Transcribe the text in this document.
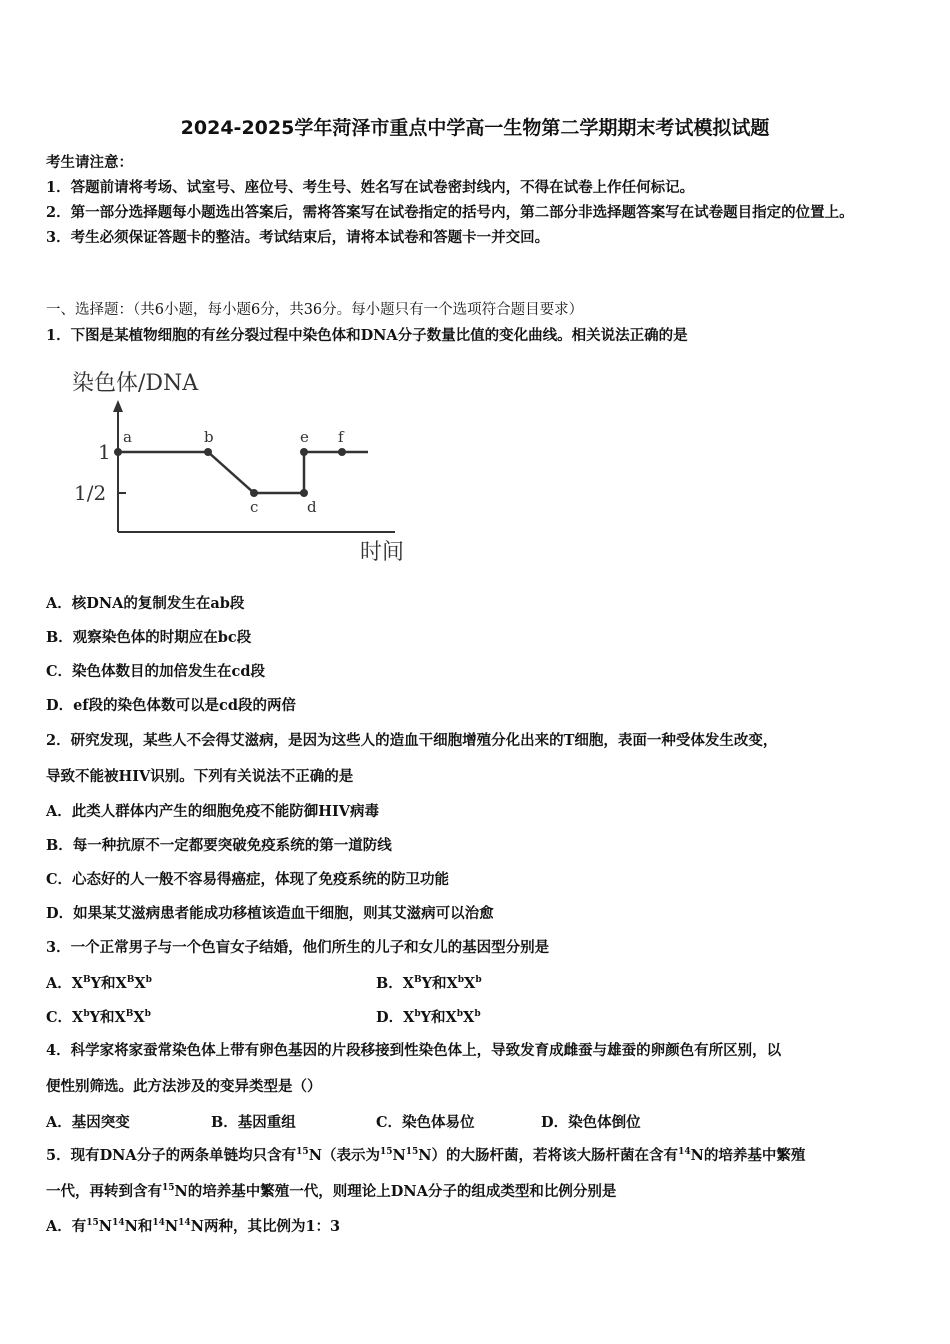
2024-2025学年菏泽市重点中学高一生物第二学期期末考试模拟试题
考生请注意：
1．答题前请将考场、试室号、座位号、考生号、姓名写在试卷密封线内，不得在试卷上作任何标记。
2．第一部分选择题每小题选出答案后，需将答案写在试卷指定的括号内，第二部分非选择题答案写在试卷题目指定的位置上。
3．考生必须保证答题卡的整洁。考试结束后，请将本试卷和答题卡一并交回。
一、选择题：（共6小题，每小题6分，共36分。每小题只有一个选项符合题目要求）
1．下图是某植物细胞的有丝分裂过程中染色体和DNA分子数量比值的变化曲线。相关说法正确的是
染色体/DNA
时间
1
1/2
a	b
c	d
e f
A．核DNA的复制发生在ab段
B．观察染色体的时期应在bc段
C．染色体数目的加倍发生在cd段
D．ef段的染色体数可以是cd段的两倍
2．研究发现，某些人不会得艾滋病，是因为这些人的造血干细胞增殖分化出来的T细胞，表面一种受体发生改变，
导致不能被HIV识别。下列有关说法不正确的是
A．此类人群体内产生的细胞免疫不能防御HIV病毒
B．每一种抗原不一定都要突破免疫系统的第一道防线
C．心态好的人一般不容易得癌症，体现了免疫系统的防卫功能
D．如果某艾滋病患者能成功移植该造血干细胞，则其艾滋病可以治愈
3．一个正常男子与一个色盲女子结婚，他们所生的儿子和女儿的基因型分别是
A．$X^BY$和$X^BX^b$	B．$X^BY$和$X^bX^b$
C．$X^bY$和$X^BX^b$	D．$X^bY$和$X^bX^b$
4．科学家将家蚕常染色体上带有卵色基因的片段移接到性染色体上，导致发育成雌蚕与雄蚕的卵颜色有所区别，以
便性别筛选。此方法涉及的变异类型是（）
A．基因突变	B．基因重组	C．染色体易位	D．染色体倒位
5．现有DNA分子的两条单链均只含有$^{15}$N（表示为$^{15}N^{15}N$）的大肠杆菌，若将该大肠杆菌在含有$^{14}$N的培养基中繁殖
一代，再转到含有$^{15}$N的培养基中繁殖一代，则理论上DNA分子的组成类型和比例分别是
A．有$^{15}N^{14}N$和$^{14}N^{14}N$两种，其比例为1：3
